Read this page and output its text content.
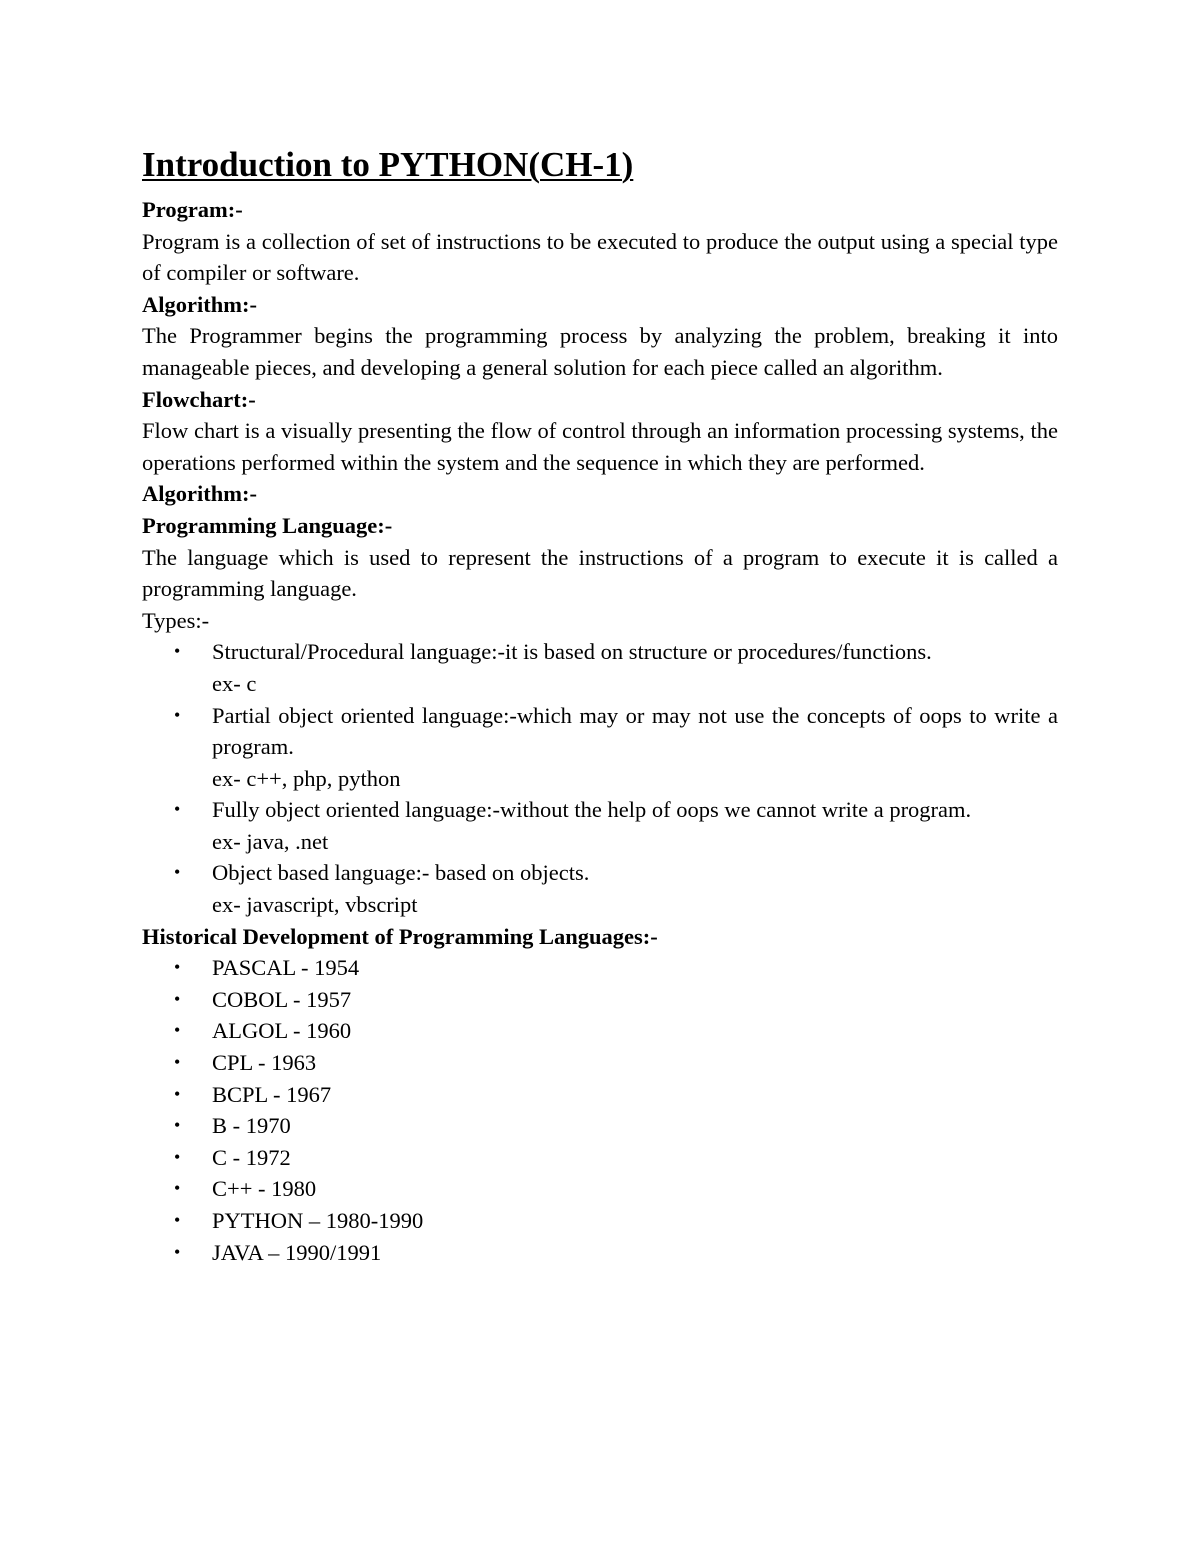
Introduction to PYTHON(CH-1)

Program:-

Program is a collection of set of instructions to be executed to produce the output using a special type of compiler or software.

Algorithm:-

The Programmer begins the programming process by analyzing the problem, breaking it into manageable pieces, and developing a general solution for each piece called an algorithm.

Flowchart:-

Flow chart is a visually presenting the flow of control through an information processing systems, the operations performed within the system and the sequence in which they are performed.

Algorithm:-

Programming Language:-

The language which is used to represent the instructions of a program to execute it is called a programming language.

Types:-

• Structural/Procedural language:-it is based on structure or procedures/functions.
ex- c
• Partial object oriented language:-which may or may not use the concepts of oops to write a program.
ex- c++, php, python
• Fully object oriented language:-without the help of oops we cannot write a program.
ex- java, .net
• Object based language:- based on objects.
ex- javascript, vbscript

Historical Development of Programming Languages:-

• PASCAL - 1954
• COBOL - 1957
• ALGOL - 1960
• CPL - 1963
• BCPL - 1967
• B - 1970
• C - 1972
• C++ - 1980
• PYTHON – 1980-1990
• JAVA – 1990/1991
